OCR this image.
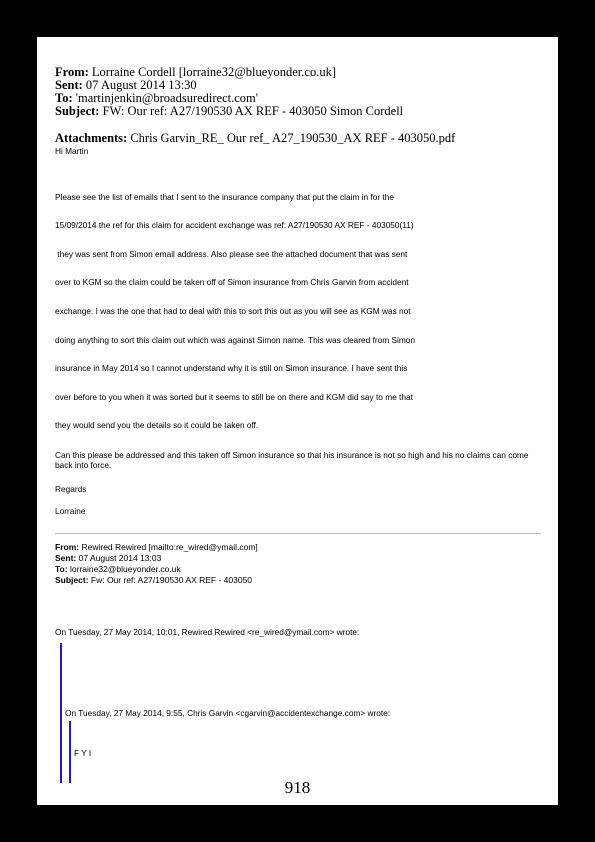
From: Lorraine Cordell [lorraine32@blueyonder.co.uk]
Sent: 07 August 2014 13:30
To: 'martinjenkin@broadsuredirect.com'
Subject: FW: Our ref: A27/190530 AX REF - 403050 Simon Cordell
Attachments: Chris Garvin_RE_ Our ref_ A27_190530_AX REF - 403050.pdf
Hi Martin
Please see the list of emails that I sent to the insurance company that put the claim in for the
15/09/2014 the ref for this claim for accident exchange was ref: A27/190530 AX REF - 403050(11)
they was sent from Simon email address. Also please see the attached document that was sent
over to KGM so the claim could be taken off of Simon insurance from Chris Garvin from accident
exchange. I was the one that had to deal with this to sort this out as you will see as KGM was not
doing anything to sort this claim out which was against Simon name. This was cleared from Simon
insurance in May 2014 so I cannot understand why it is still on Simon insurance. I have sent this
over before to you when it was sorted but it seems to still be on there and KGM did say to me that
they would send you the details so it could be taken off.
Can this please be addressed and this taken off Simon insurance so that his insurance is not so high and his no claims can come back into force.
Regards
Lorraine
From: Rewired Rewired [mailto:re_wired@ymail.com]
Sent: 07 August 2014 13:03
To: lorraine32@blueyonder.co.uk
Subject: Fw: Our ref: A27/190530 AX REF - 403050
On Tuesday, 27 May 2014, 10:01, Rewired Rewired <re_wired@ymail.com> wrote:
On Tuesday, 27 May 2014, 9:55, Chris Garvin <cgarvin@accidentexchange.com> wrote:
F Y I
918
